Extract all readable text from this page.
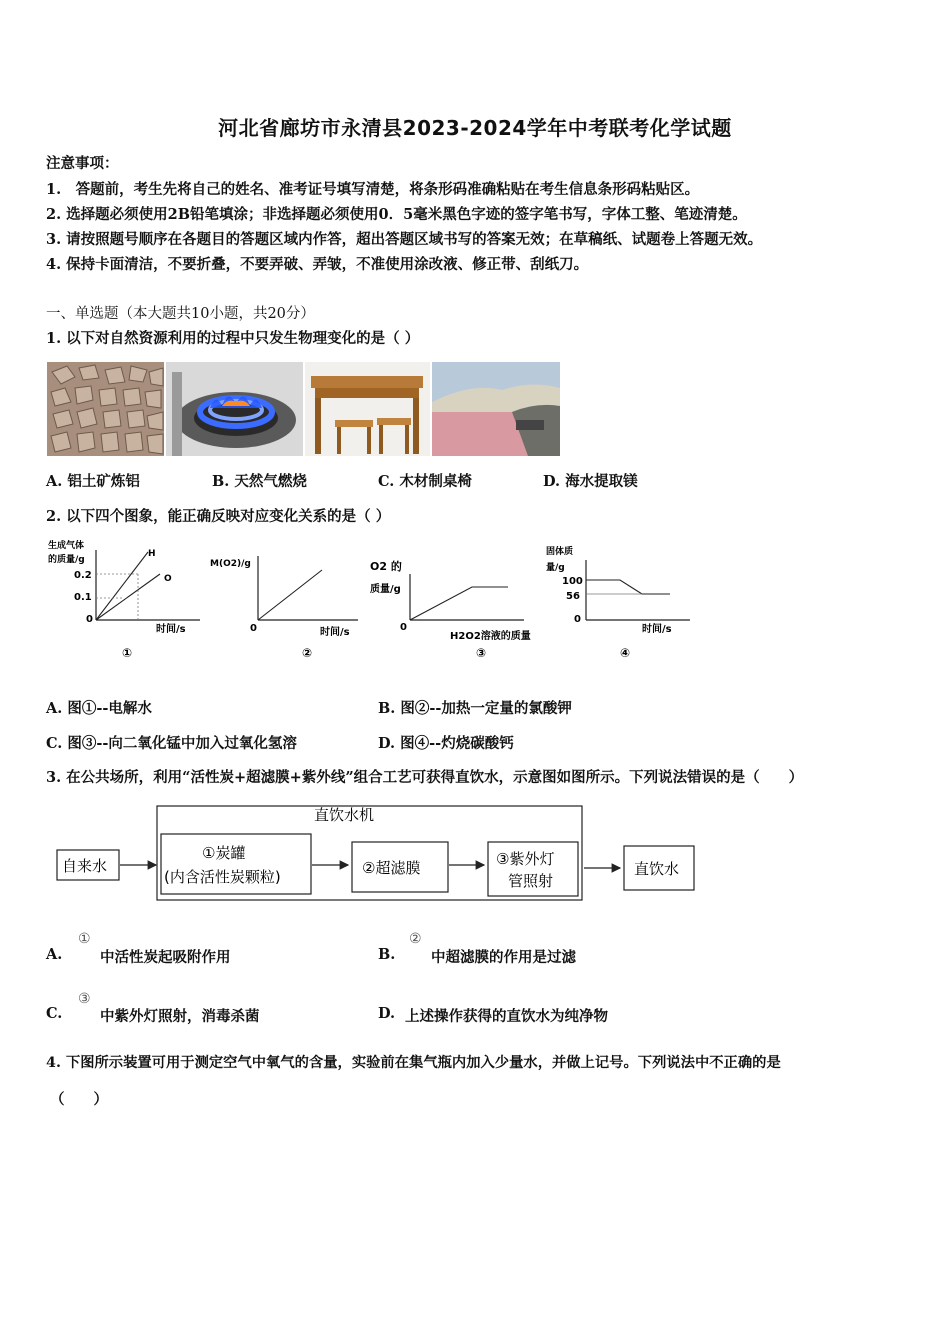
河北省廊坊市永清县2023-2024学年中考联考化学试题
注意事项：
1.　答题前，考生先将自己的姓名、准考证号填写清楚，将条形码准确粘贴在考生信息条形码粘贴区。
2. 选择题必须使用2B铅笔填涂；非选择题必须使用0．5毫米黑色字迹的签字笔书写，字体工整、笔迹清楚。
3. 请按照题号顺序在各题目的答题区域内作答，超出答题区域书写的答案无效；在草稿纸、试题卷上答题无效。
4. 保持卡面清洁，不要折叠，不要弄破、弄皱，不准使用涂改液、修正带、刮纸刀。
一、单选题（本大题共10小题，共20分）
1. 以下对自然资源利用的过程中只发生物理变化的是（ ）
A. 铝土矿炼铝	B. 天然气燃烧	C. 木材制桌椅	D. 海水提取镁
2. 以下四个图象，能正确反映对应变化关系的是（ ）
生成气体
的质量/g
0.2
0.1
0
H
O
时间/s
①
M(O2)/g
0	时间/s
②
O2 的
质量/g
0
H2O2溶液的质量
③
固体质
量/g
100
56
0
时间/s
④
A. 图①--电解水	B. 图②--加热一定量的氯酸钾
C. 图③--向二氧化锰中加入过氧化氢溶	D. 图④--灼烧碳酸钙
3. 在公共场所，利用“活性炭+超滤膜+紫外线”组合工艺可获得直饮水，示意图如图所示。下列说法错误的是（　　）
直饮水机
自来水
①炭罐
(内含活性炭颗粒)	②超滤膜	③紫外灯
管照射
直饮水
A.
①
中活性炭起吸附作用	B.
②
中超滤膜的作用是过滤
C.
③
中紫外灯照射，消毒杀菌	D. 上述操作获得的直饮水为纯净物
4. 下图所示装置可用于测定空气中氧气的含量，实验前在集气瓶内加入少量水，并做上记号。下列说法中不正确的是
（　　）
